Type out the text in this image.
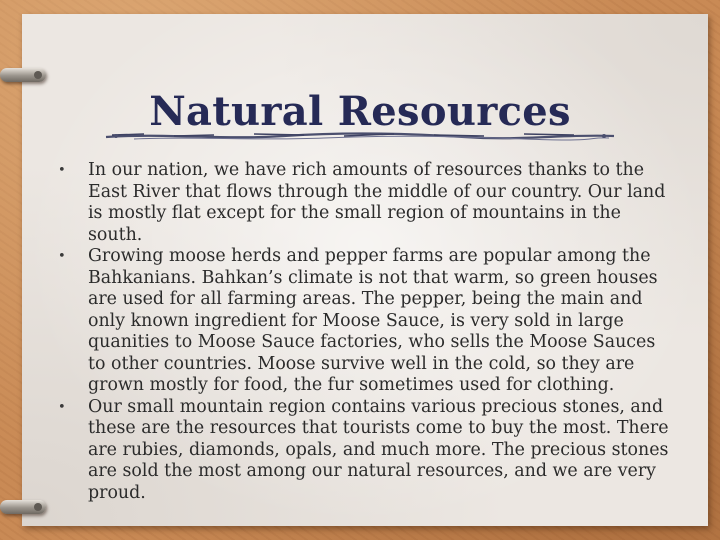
Natural Resources
• In our nation, we have rich amounts of resources thanks to the East River that flows through the middle of our country. Our land is mostly flat except for the small region of mountains in the south.
• Growing moose herds and pepper farms are popular among the Bahkanians. Bahkan’s climate is not that warm, so green houses are used for all farming areas. The pepper, being the main and only known ingredient for Moose Sauce, is very sold in large quanities to Moose Sauce factories, who sells the Moose Sauces to other countries. Moose survive well in the cold, so they are grown mostly for food, the fur sometimes used for clothing.
• Our small mountain region contains various precious stones, and these are the resources that tourists come to buy the most. There are rubies, diamonds, opals, and much more. The precious stones are sold the most among our natural resources, and we are very proud.
